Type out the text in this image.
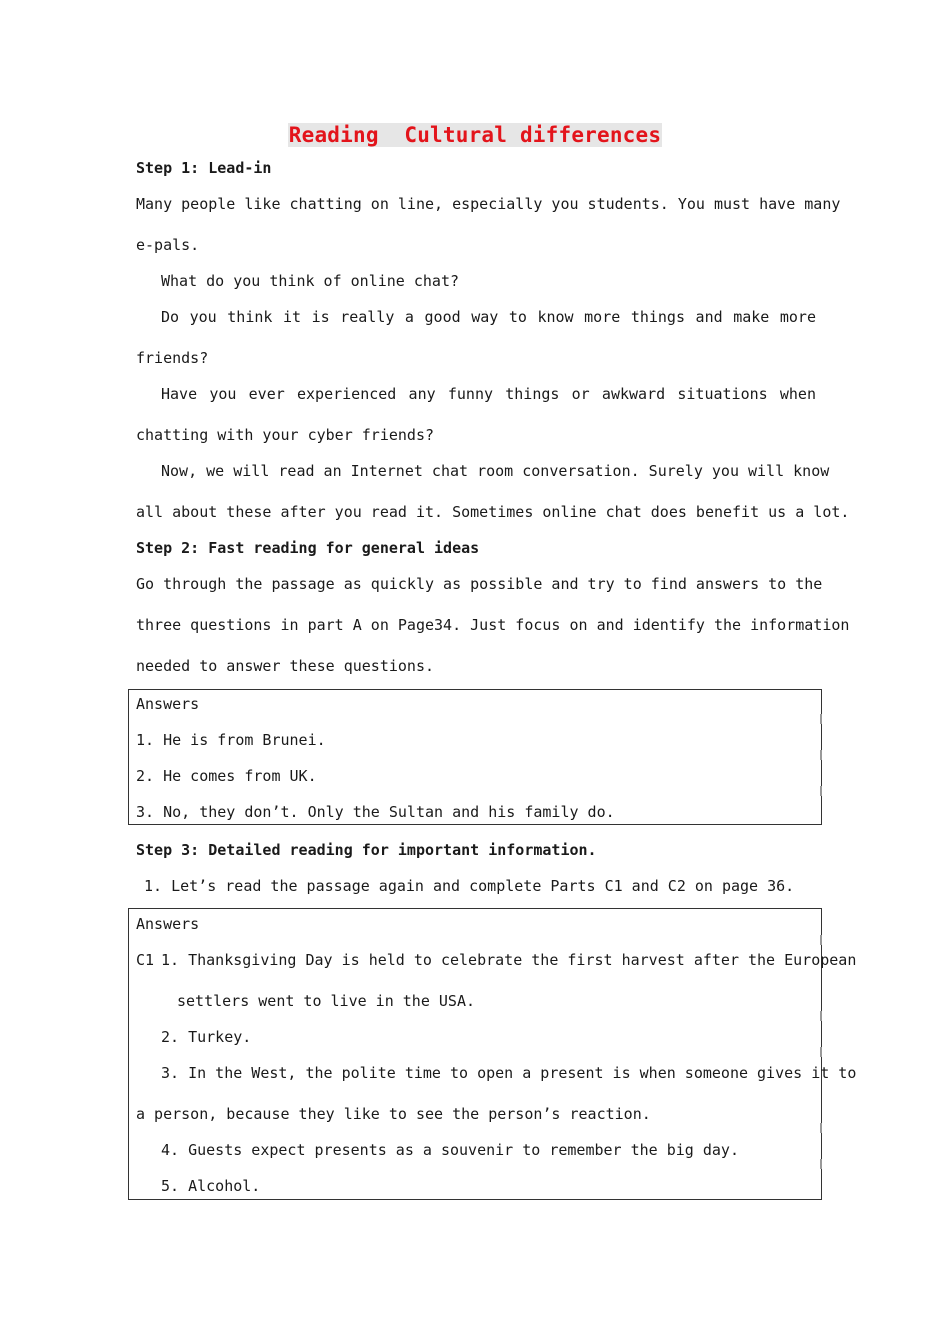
Reading  Cultural differences
Step 1: Lead-in
Many people like chatting on line, especially you students. You must have many
e-pals.
What do you think of online chat?
Do you think it is really a good way to know more things and make more
friends?
Have you ever experienced any funny things or awkward situations when
chatting with your cyber friends?
Now, we will read an Internet chat room conversation. Surely you will know
all about these after you read it. Sometimes online chat does benefit us a lot.
Step 2: Fast reading for general ideas
Go through the passage as quickly as possible and try to find answers to the
three questions in part A on Page34. Just focus on and identify the information
needed to answer these questions.
Answers
1. He is from Brunei.
2. He comes from UK.
3. No, they don’t. Only the Sultan and his family do.
Step 3: Detailed reading for important information.
1. Let’s read the passage again and complete Parts C1 and C2 on page 36.
Answers
C1 1. Thanksgiving Day is held to celebrate the first harvest after the European
settlers went to live in the USA.
2. Turkey.
3. In the West, the polite time to open a present is when someone gives it to
a person, because they like to see the person’s reaction.
4. Guests expect presents as a souvenir to remember the big day.
5. Alcohol.
